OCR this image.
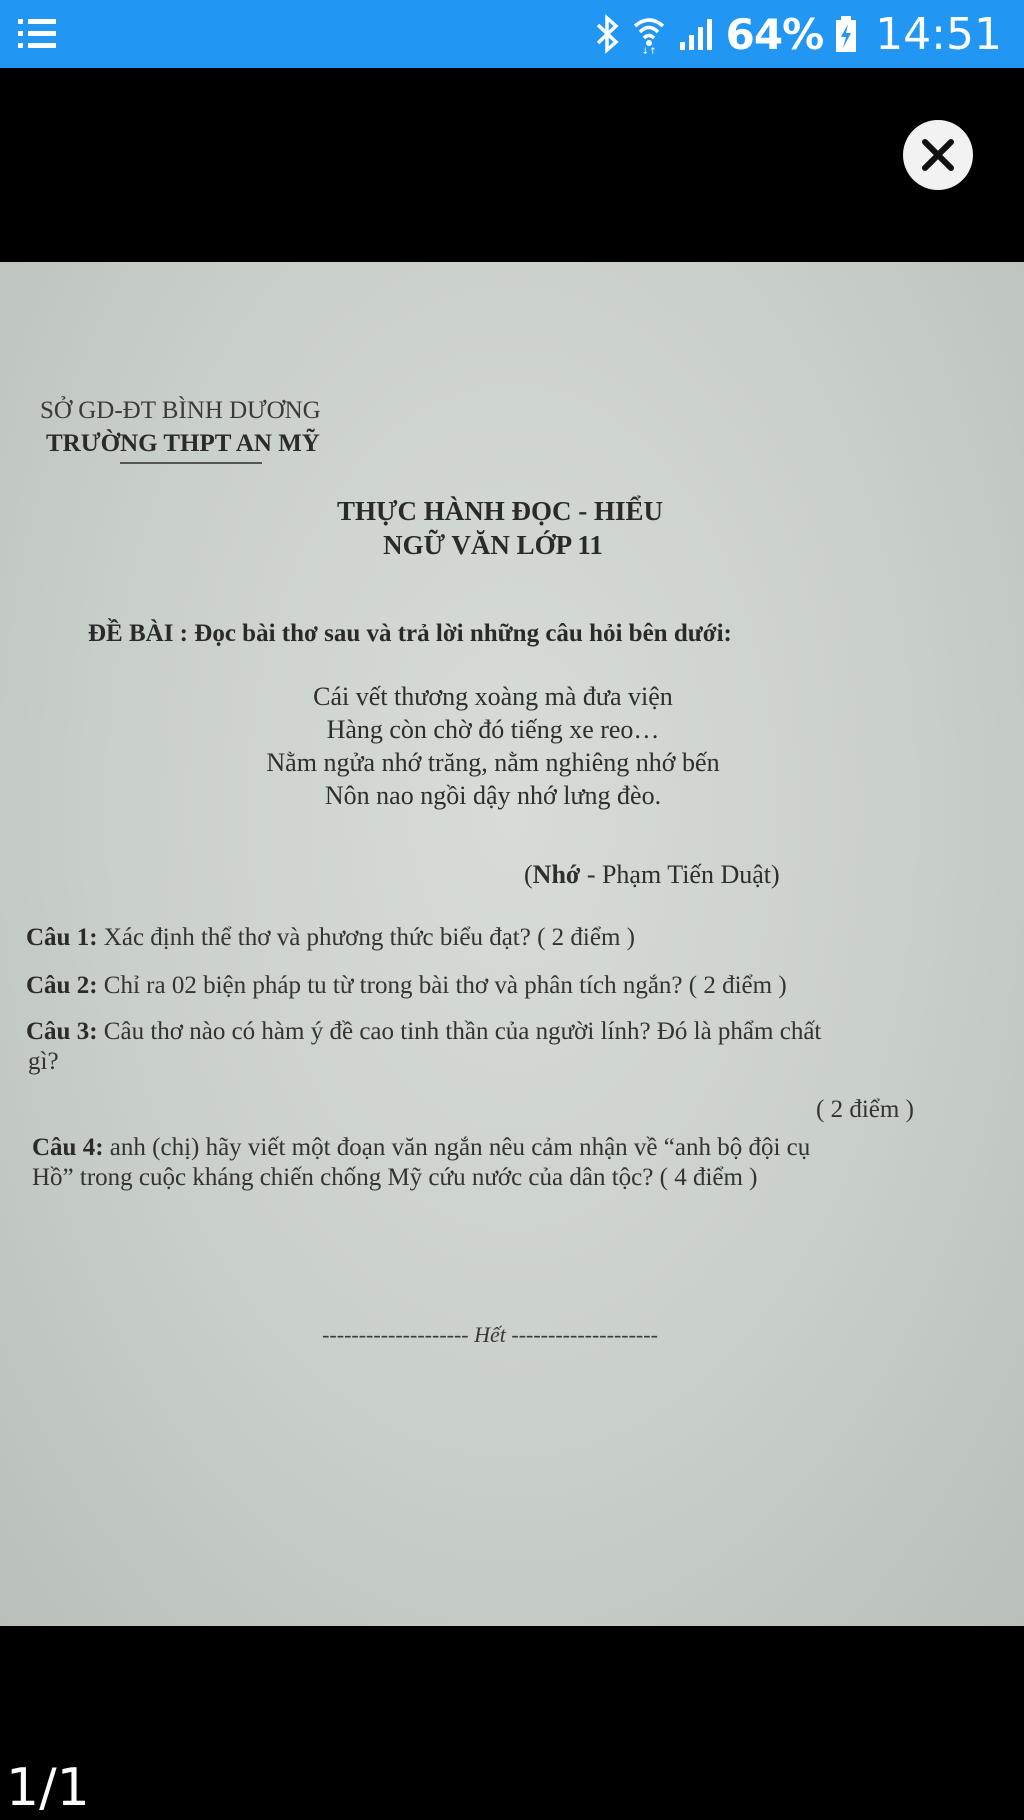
↓↑ 64% 14:51
SỞ GD-ĐT BÌNH DƯƠNG
TRƯỜNG THPT AN MỸ
THỰC HÀNH ĐỌC - HIỂU
NGỮ VĂN LỚP 11
ĐỀ BÀI : Đọc bài thơ sau và trả lời những câu hỏi bên dưới:
Cái vết thương xoàng mà đưa viện
Hàng còn chờ đó tiếng xe reo…
Nằm ngửa nhớ trăng, nằm nghiêng nhớ bến
Nôn nao ngồi dậy nhớ lưng đèo.
(Nhớ - Phạm Tiến Duật)
Câu 1: Xác định thể thơ và phương thức biểu đạt? ( 2 điểm )
Câu 2: Chỉ ra 02 biện pháp tu từ trong bài thơ và phân tích ngắn? ( 2 điểm )
Câu 3: Câu thơ nào có hàm ý đề cao tinh thần của người lính? Đó là phẩm chất
gì?
( 2 điểm )
Câu 4: anh (chị) hãy viết một đoạn văn ngắn nêu cảm nhận về “anh bộ đội cụ
Hồ” trong cuộc kháng chiến chống Mỹ cứu nước của dân tộc? ( 4 điểm )
-------------------- Hết --------------------
1/1
